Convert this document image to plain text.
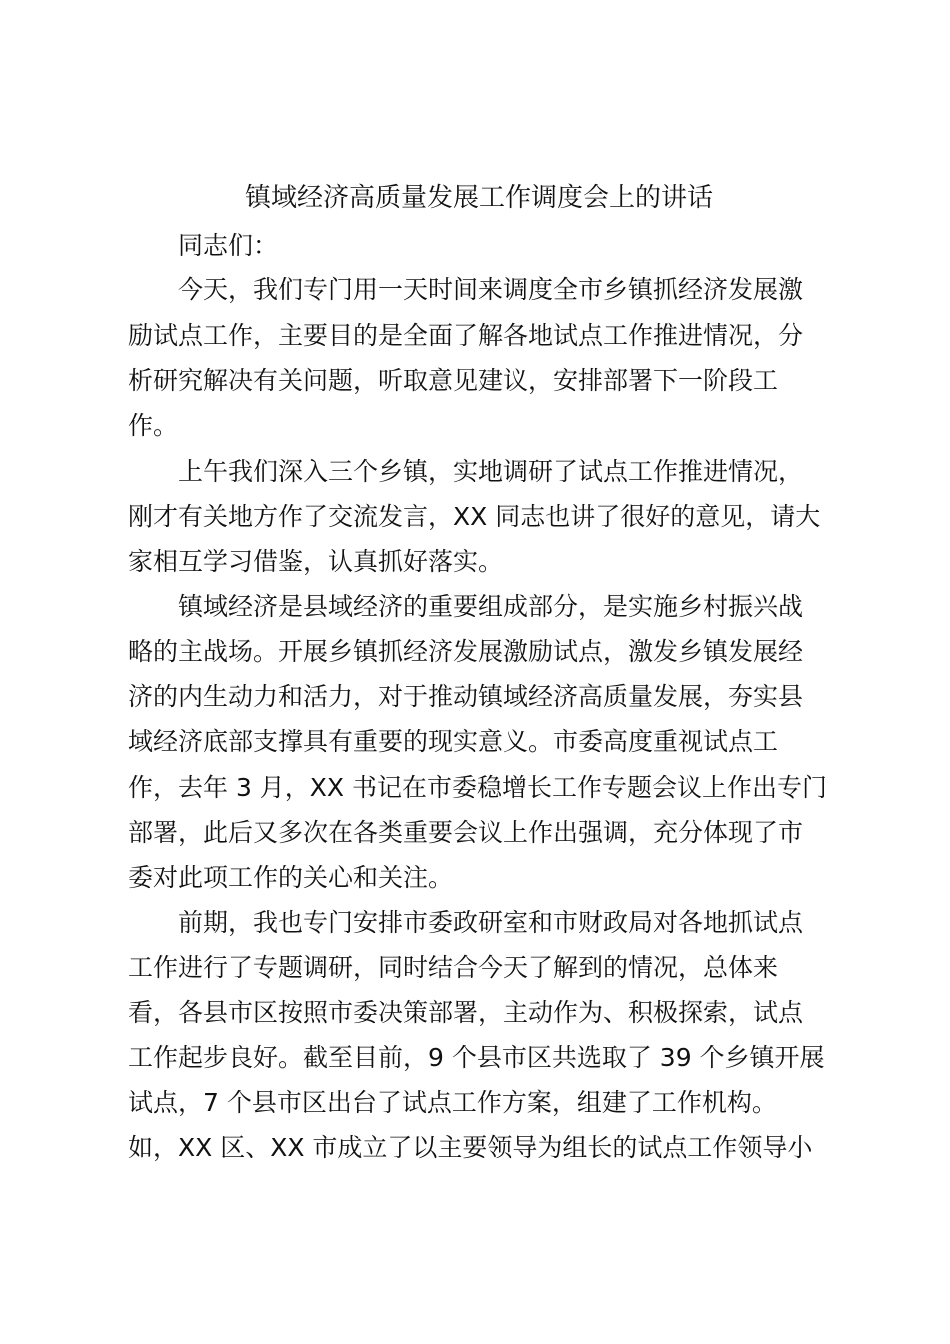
镇域经济高质量发展工作调度会上的讲话

同志们：

今天，我们专门用一天时间来调度全市乡镇抓经济发展激

励试点工作，主要目的是全面了解各地试点工作推进情况，分

析研究解决有关问题，听取意见建议，安排部署下一阶段工

作。

上午我们深入三个乡镇，实地调研了试点工作推进情况，

刚才有关地方作了交流发言，XX 同志也讲了很好的意见，请大

家相互学习借鉴，认真抓好落实。

镇域经济是县域经济的重要组成部分，是实施乡村振兴战

略的主战场。开展乡镇抓经济发展激励试点，激发乡镇发展经

济的内生动力和活力，对于推动镇域经济高质量发展，夯实县

域经济底部支撑具有重要的现实意义。市委高度重视试点工

作，去年 3 月，XX 书记在市委稳增长工作专题会议上作出专门

部署，此后又多次在各类重要会议上作出强调，充分体现了市

委对此项工作的关心和关注。

前期，我也专门安排市委政研室和市财政局对各地抓试点

工作进行了专题调研，同时结合今天了解到的情况，总体来

看，各县市区按照市委决策部署，主动作为、积极探索，试点

工作起步良好。截至目前，9 个县市区共选取了 39 个乡镇开展

试点，7 个县市区出台了试点工作方案，组建了工作机构。

如，XX 区、XX 市成立了以主要领导为组长的试点工作领导小
